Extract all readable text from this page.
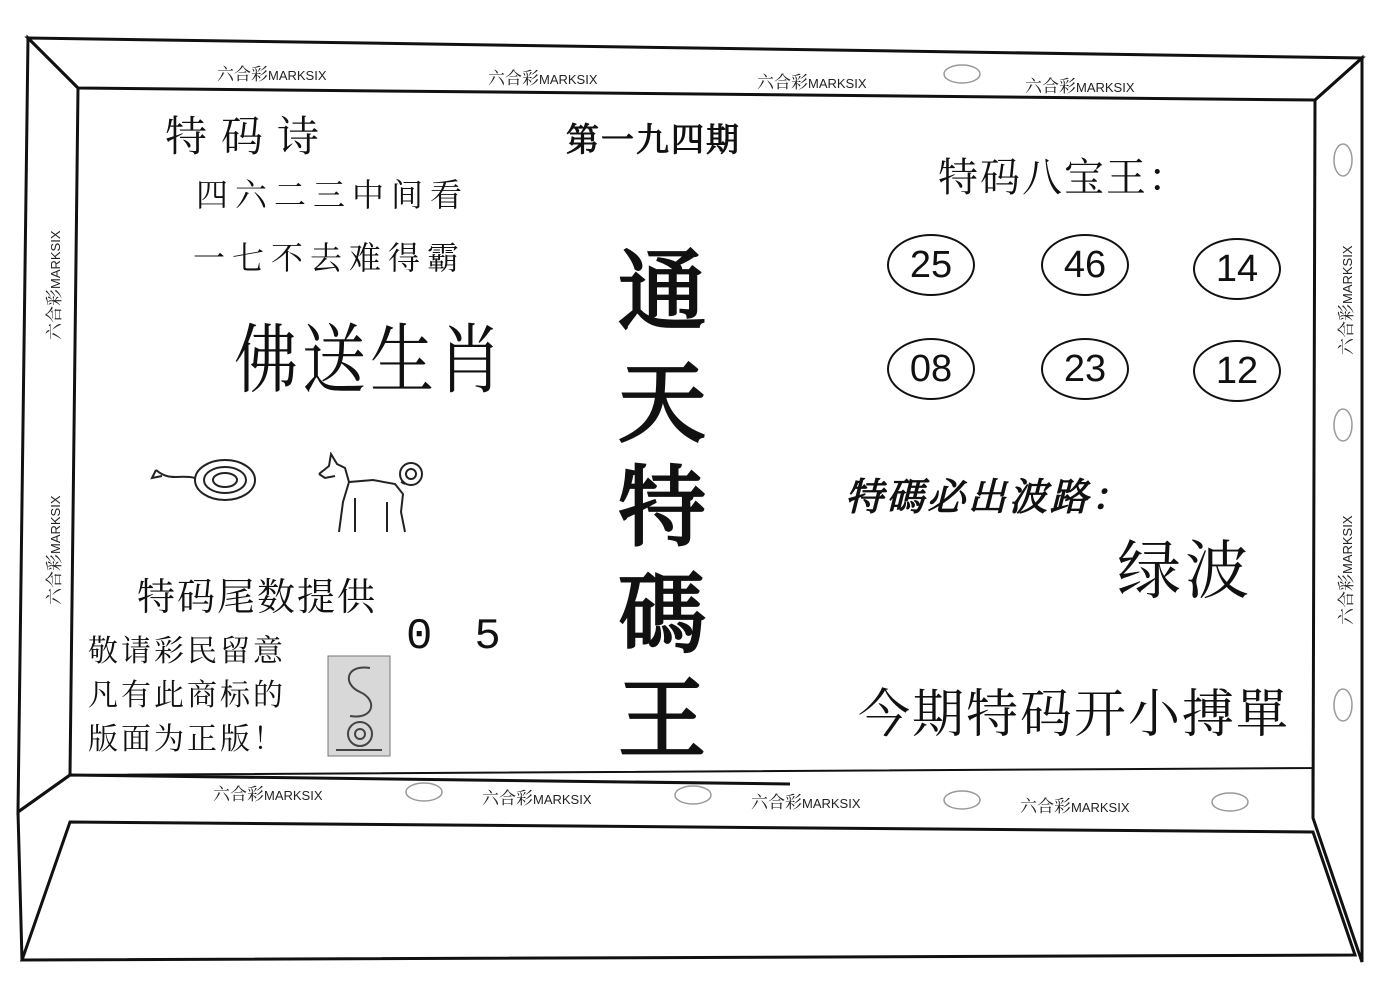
六合彩MARKSIX	六合彩MARKSIX	六合彩MARKSIX	六合彩MARKSIX
六合彩MARKSIX	六合彩MARKSIX	六合彩MARKSIX	六合彩MARKSIX
六合彩MARKSIX
六合彩MARKSIX
六合彩MARKSIX
六合彩MARKSIX
第一九四期
特码诗
四六二三中间看
一七不去难得霸
佛送生肖
通
天
特
碼
王
特码八宝王：
25	46	14
08	23	12
特碼必出波路：
绿波
特码尾数提供
05
敬请彩民留意
凡有此商标的
版面为正版！	今期特码开小搏單
